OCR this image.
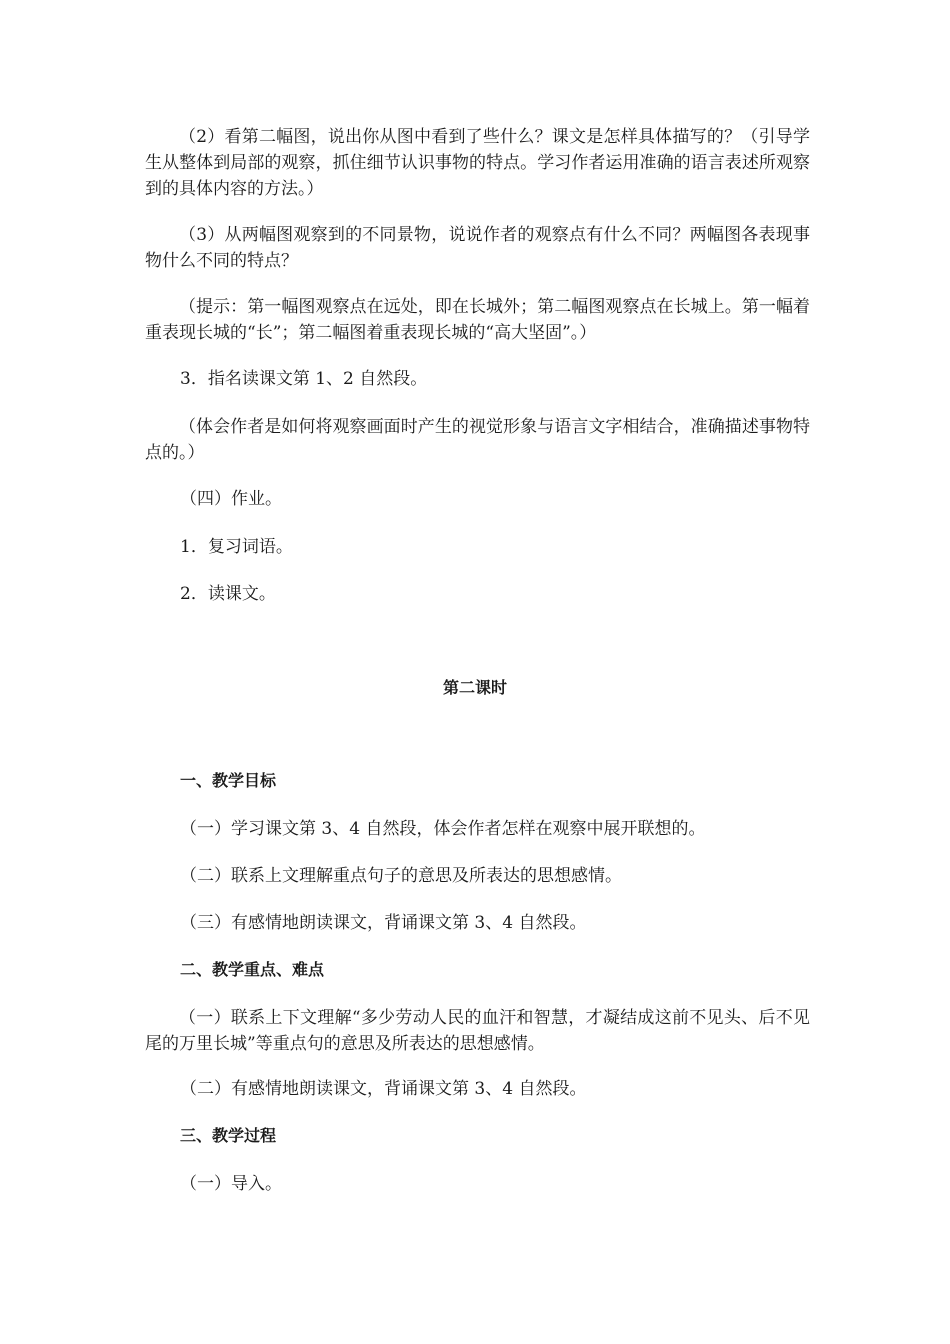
（2）看第二幅图，说出你从图中看到了些什么？课文是怎样具体描写的？（引导学生从整体到局部的观察，抓住细节认识事物的特点。学习作者运用准确的语言表述所观察到的具体内容的方法。）

（3）从两幅图观察到的不同景物，说说作者的观察点有什么不同？两幅图各表现事物什么不同的特点？

（提示：第一幅图观察点在远处，即在长城外；第二幅图观察点在长城上。第一幅着重表现长城的“长”；第二幅图着重表现长城的“高大坚固”。）

3．指名读课文第 1、2 自然段。

（体会作者是如何将观察画面时产生的视觉形象与语言文字相结合，准确描述事物特点的。）

（四）作业。

1．复习词语。

2．读课文。

第二课时
一、教学目标

（一）学习课文第 3、4 自然段，体会作者怎样在观察中展开联想的。

（二）联系上文理解重点句子的意思及所表达的思想感情。

（三）有感情地朗读课文，背诵课文第 3、4 自然段。

二、教学重点、难点

（一）联系上下文理解“多少劳动人民的血汗和智慧，才凝结成这前不见头、后不见尾的万里长城”等重点句的意思及所表达的思想感情。

（二）有感情地朗读课文，背诵课文第 3、4 自然段。

三、教学过程

（一）导入。
